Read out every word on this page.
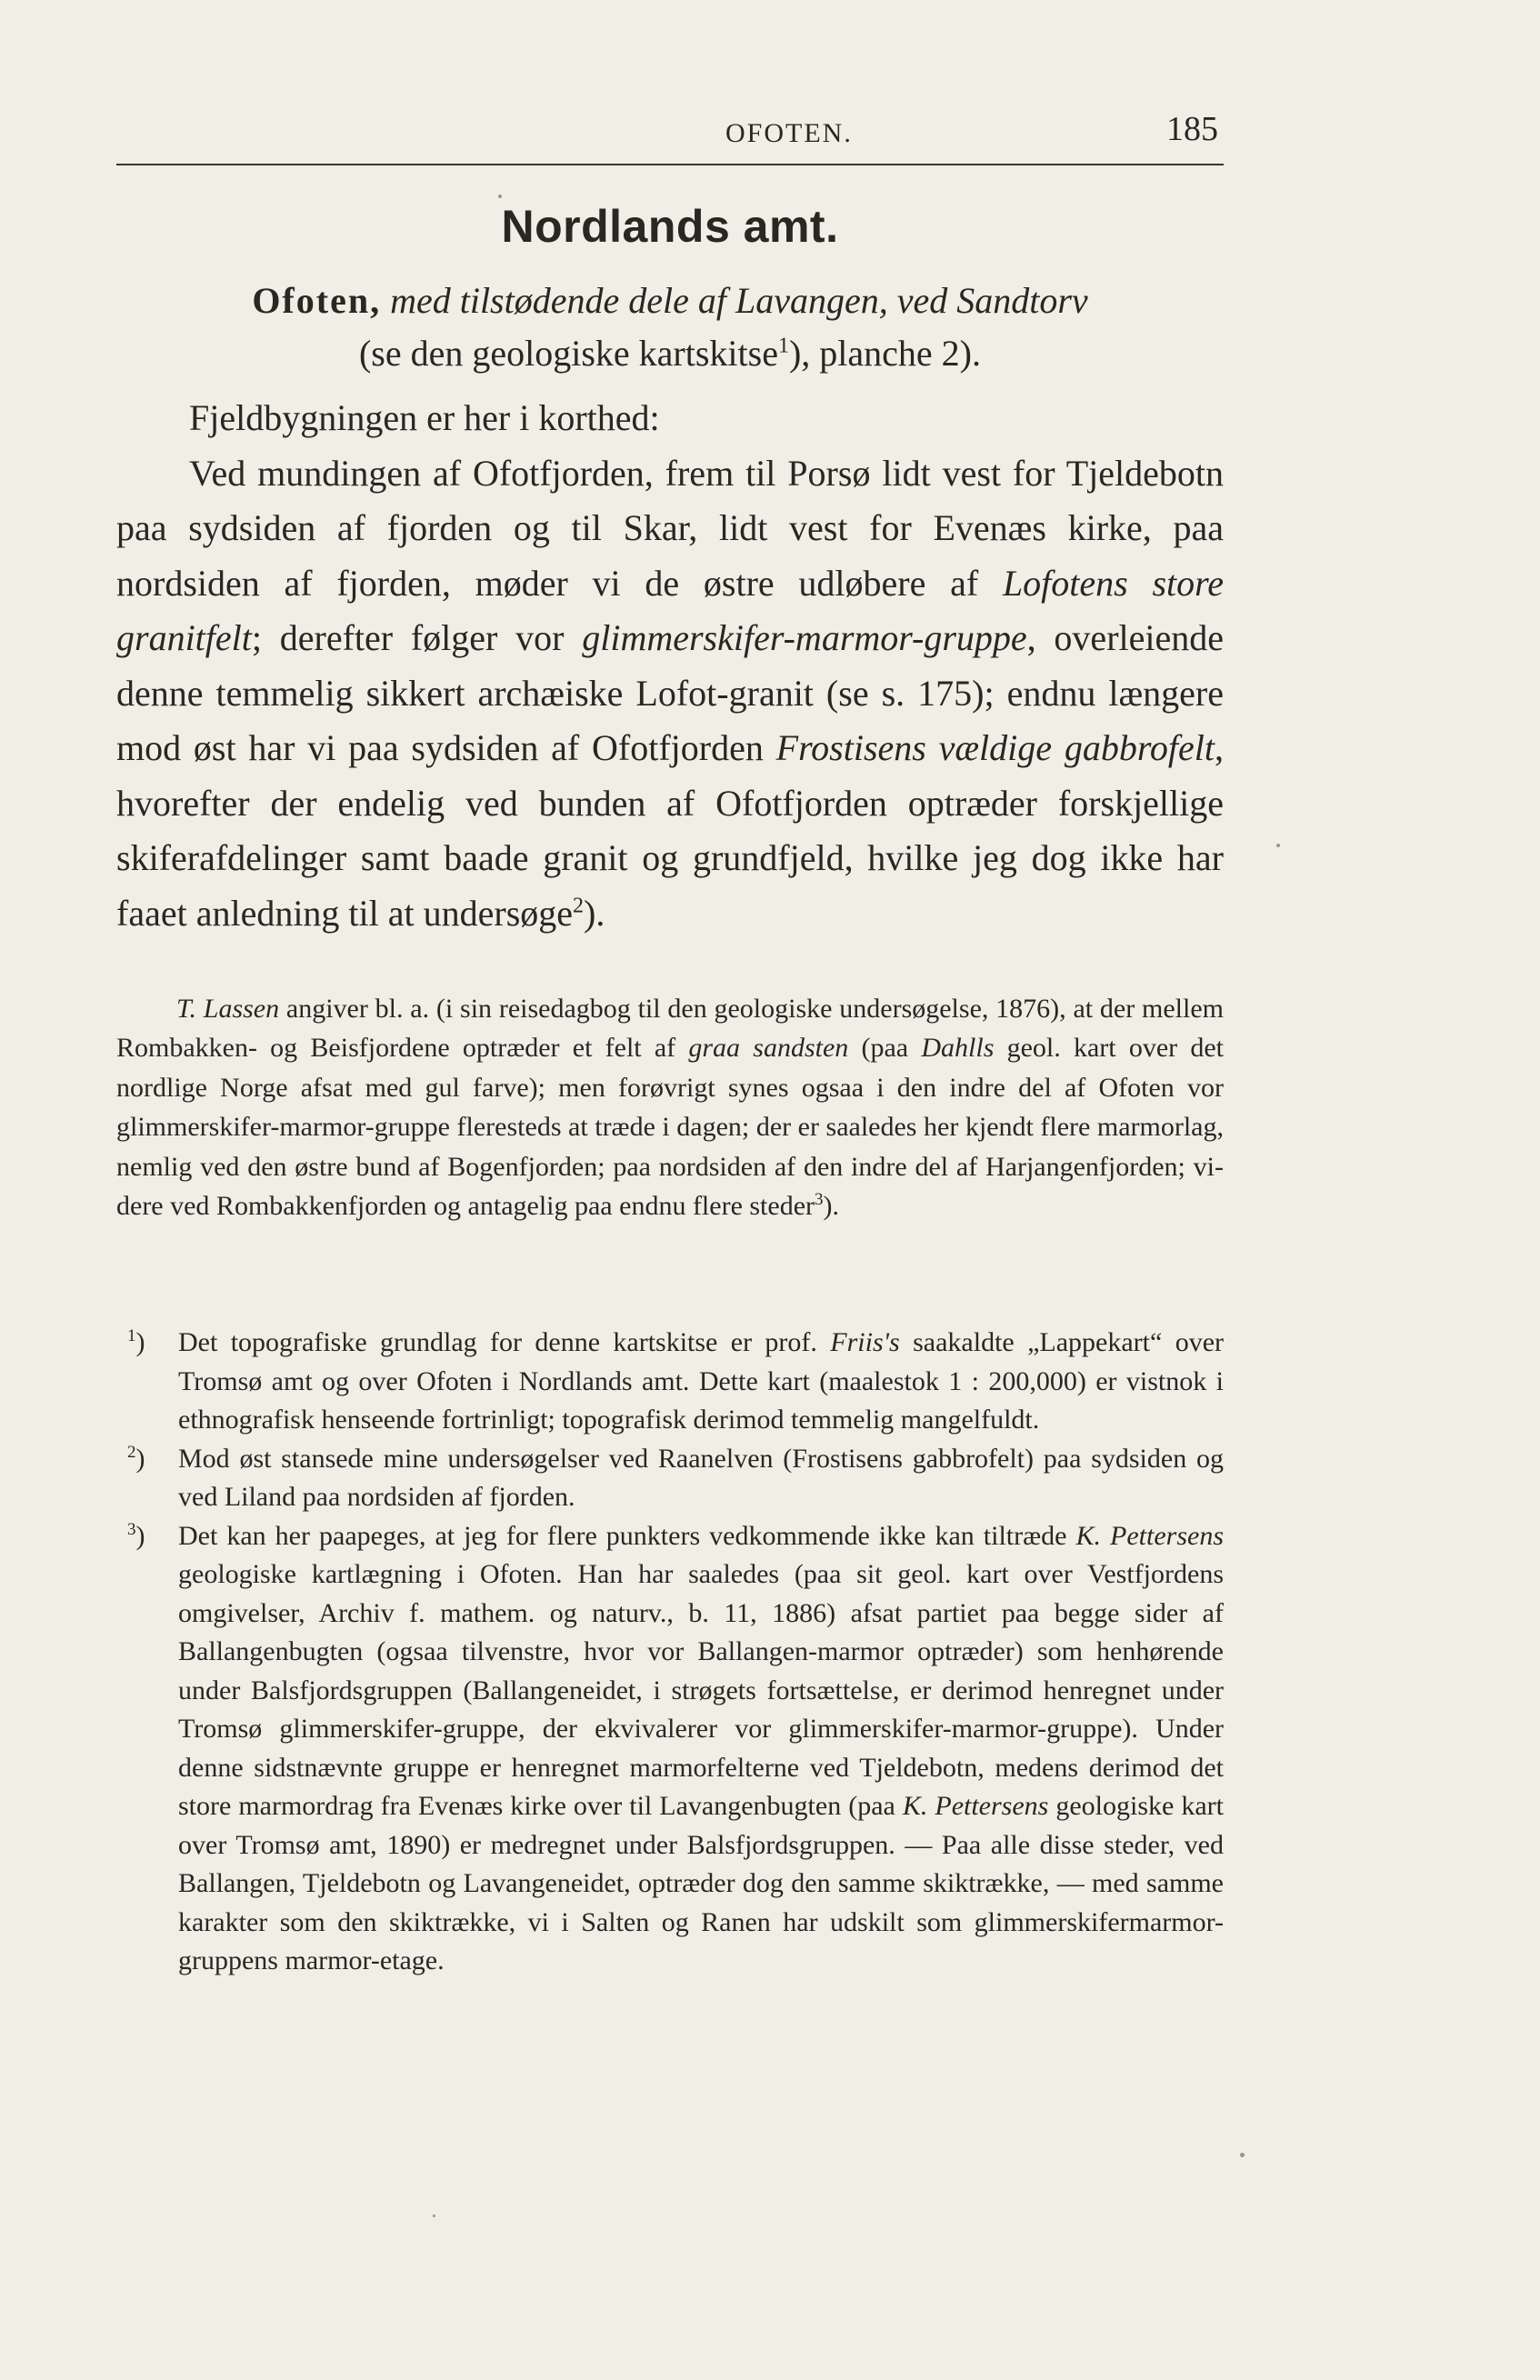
OFOTEN.	185
Nordlands amt.
Ofoten, med tilstødende dele af Lavangen, ved Sandtorv
(se den geologiske kartskitse$^1$), planche 2).

Fjeldbygningen er her i korthed:

Ved mundingen af Ofotfjorden, frem til Porsø lidt vest for Tjeldebotn paa sydsiden af fjorden og til Skar, lidt vest for Evenæs kirke, paa nordsiden af fjorden, møder vi de østre udløbere af Lofotens store granitfelt; derefter følger vor glimmerskifer-marmor-gruppe, overleiende denne temmelig sikkert archæiske Lofot-granit (se s. 175); endnu længere mod øst har vi paa sydsiden af Ofotfjorden Frostisens vældige gabbrofelt, hvorefter der endelig ved bunden af Ofotfjorden optræder forskjellige skiferafdelinger samt baade granit og grundfjeld, hvilke jeg dog ikke har faaet anledning til at undersøge$^2$).

T. Lassen angiver bl. a. (i sin reisedagbog til den geologiske undersøgelse, 1876), at der mellem Rombakken- og Beisfjordene optræder et felt af graa sandsten (paa Dahlls geol. kart over det nordlige Norge afsat med gul farve); men forøvrigt synes ogsaa i den indre del af Ofoten vor glimmerskifer-marmor-gruppe fleresteds at træde i dagen; der er saaledes her kjendt flere marmorlag, nemlig ved den østre bund af Bogenfjorden; paa nordsiden af den indre del af Harjangenfjorden; videre ved Rombakkenfjorden og antagelig paa endnu flere steder$^3$).

$^1$) Det topografiske grundlag for denne kartskitse er prof. Friis's saakaldte „Lappekart“ over Tromsø amt og over Ofoten i Nordlands amt. Dette kart (maalestok 1 : 200,000) er vistnok i ethnografisk henseende fortrinligt; topografisk derimod temmelig mangelfuldt.

$^2$) Mod øst stansede mine undersøgelser ved Raanelven (Frostisens gabbrofelt) paa sydsiden og ved Liland paa nordsiden af fjorden.

$^3$) Det kan her paapeges, at jeg for flere punkters vedkommende ikke kan tiltræde K. Pettersens geologiske kartlægning i Ofoten. Han har saaledes (paa sit geol. kart over Vestfjordens omgivelser, Archiv f. mathem. og naturv., b. 11, 1886) afsat partiet paa begge sider af Ballangenbugten (ogsaa tilvenstre, hvor vor Ballangen-marmor optræder) som henhørende under Balsfjordsgruppen (Ballangeneidet, i strøgets fortsættelse, er derimod henregnet under Tromsø glimmerskifer-gruppe, der ekvivalerer vor glimmerskifer-marmor-gruppe). Under denne sidstnævnte gruppe er henregnet marmorfelterne ved Tjeldebotn, medens derimod det store marmordrag fra Evenæs kirke over til Lavangenbugten (paa K. Pettersens geologiske kart over Tromsø amt, 1890) er medregnet under Balsfjordsgruppen. — Paa alle disse steder, ved Ballangen, Tjeldebotn og Lavangeneidet, optræder dog den samme skiktrække, — med samme karakter som den skiktrække, vi i Salten og Ranen har udskilt som glimmerskifermarmor-gruppens marmor-etage.
